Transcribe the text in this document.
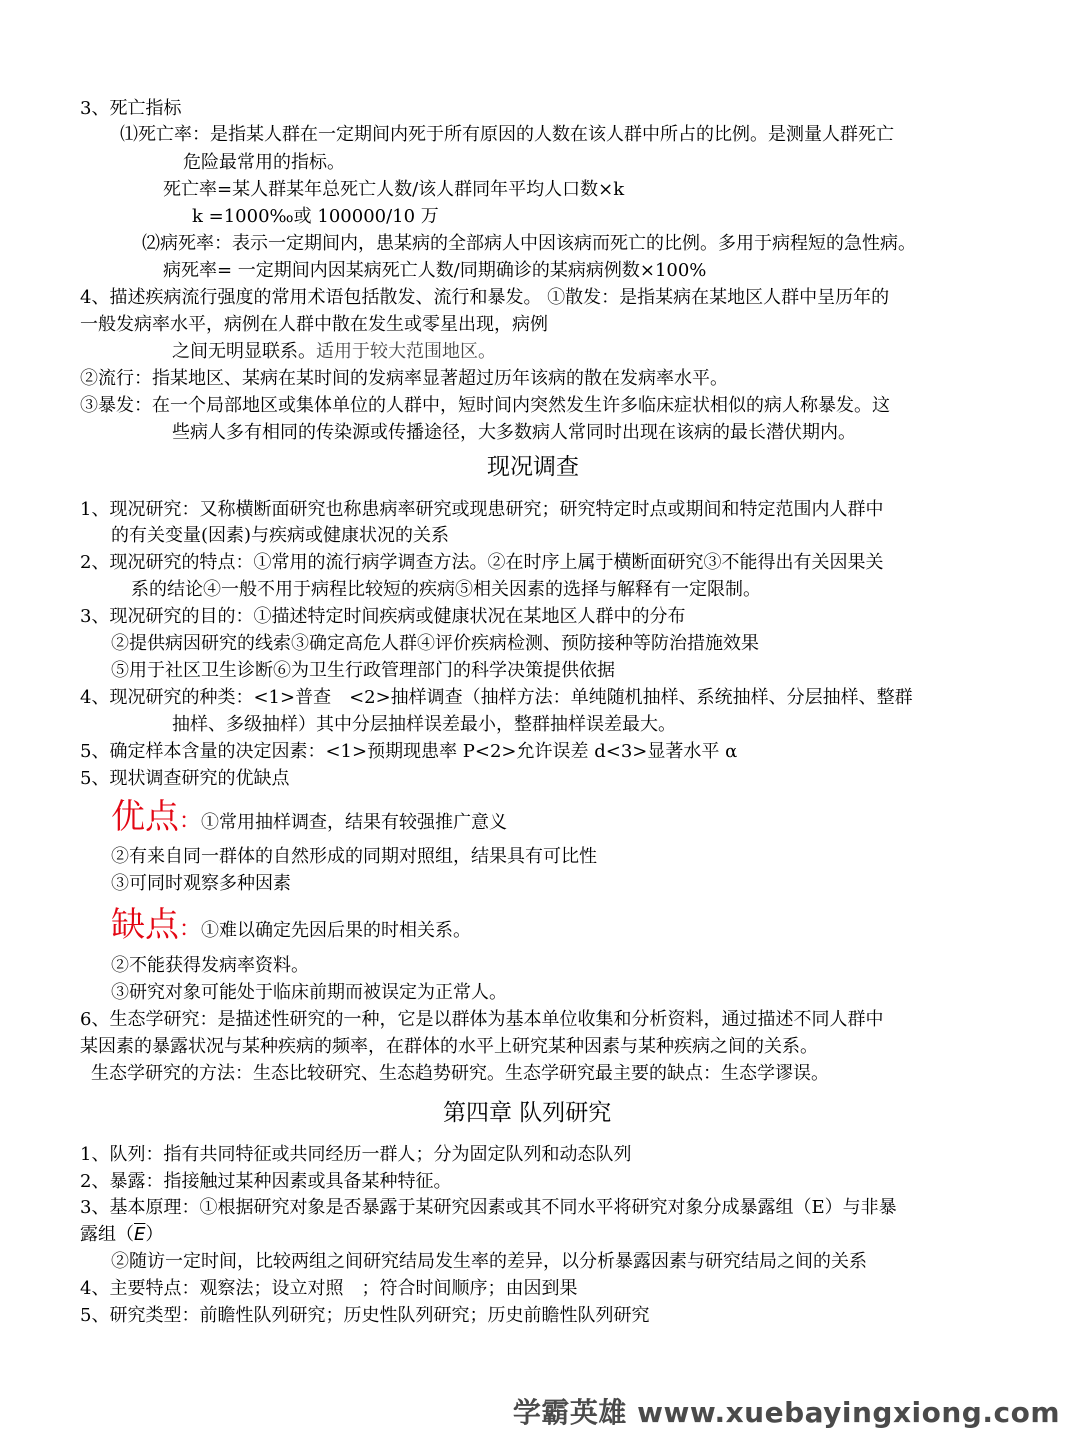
3、死亡指标
⑴死亡率：是指某人群在一定期间内死于所有原因的人数在该人群中所占的比例。是测量人群死亡
危险最常用的指标。
死亡率=某人群某年总死亡人数/该人群同年平均人口数×k
k =1000‰或 100000/10 万
⑵病死率：表示一定期间内，患某病的全部病人中因该病而死亡的比例。多用于病程短的急性病。
病死率= 一定期间内因某病死亡人数/同期确诊的某病病例数×100%
4、描述疾病流行强度的常用术语包括散发、流行和暴发。 ①散发：是指某病在某地区人群中呈历年的
一般发病率水平，病例在人群中散在发生或零星出现，病例
之间无明显联系。适用于较大范围地区。
②流行：指某地区、某病在某时间的发病率显著超过历年该病的散在发病率水平。
③暴发：在一个局部地区或集体单位的人群中，短时间内突然发生许多临床症状相似的病人称暴发。这
些病人多有相同的传染源或传播途径，大多数病人常同时出现在该病的最长潜伏期内。
现况调查
1、现况研究：又称横断面研究也称患病率研究或现患研究；研究特定时点或期间和特定范围内人群中
的有关变量(因素)与疾病或健康状况的关系
2、现况研究的特点：①常用的流行病学调查方法。②在时序上属于横断面研究③不能得出有关因果关
系的结论④一般不用于病程比较短的疾病⑤相关因素的选择与解释有一定限制。
3、现况研究的目的：①描述特定时间疾病或健康状况在某地区人群中的分布
②提供病因研究的线索③确定高危人群④评价疾病检测、预防接种等防治措施效果
⑤用于社区卫生诊断⑥为卫生行政管理部门的科学决策提供依据
4、现况研究的种类：<1>普查　<2>抽样调查（抽样方法：单纯随机抽样、系统抽样、分层抽样、整群
抽样、多级抽样）其中分层抽样误差最小，整群抽样误差最大。
5、确定样本含量的决定因素：<1>预期现患率 P<2>允许误差 d<3>显著水平 α
5、现状调查研究的优缺点
优点：①常用抽样调查，结果有较强推广意义
②有来自同一群体的自然形成的同期对照组，结果具有可比性
③可同时观察多种因素
缺点：①难以确定先因后果的时相关系。
②不能获得发病率资料。
③研究对象可能处于临床前期而被误定为正常人。
6、生态学研究：是描述性研究的一种，它是以群体为基本单位收集和分析资料，通过描述不同人群中
某因素的暴露状况与某种疾病的频率，在群体的水平上研究某种因素与某种疾病之间的关系。
生态学研究的方法：生态比较研究、生态趋势研究。生态学研究最主要的缺点：生态学谬误。
第四章 队列研究
1、队列：指有共同特征或共同经历一群人；分为固定队列和动态队列
2、暴露：指接触过某种因素或具备某种特征。
3、基本原理：①根据研究对象是否暴露于某研究因素或其不同水平将研究对象分成暴露组（E）与非暴
露组$(\overline{E})$
②随访一定时间，比较两组之间研究结局发生率的差异，以分析暴露因素与研究结局之间的关系
4、主要特点：观察法；设立对照　；符合时间顺序；由因到果
5、研究类型：前瞻性队列研究；历史性队列研究；历史前瞻性队列研究
学霸英雄 www.xuebayingxiong.com
